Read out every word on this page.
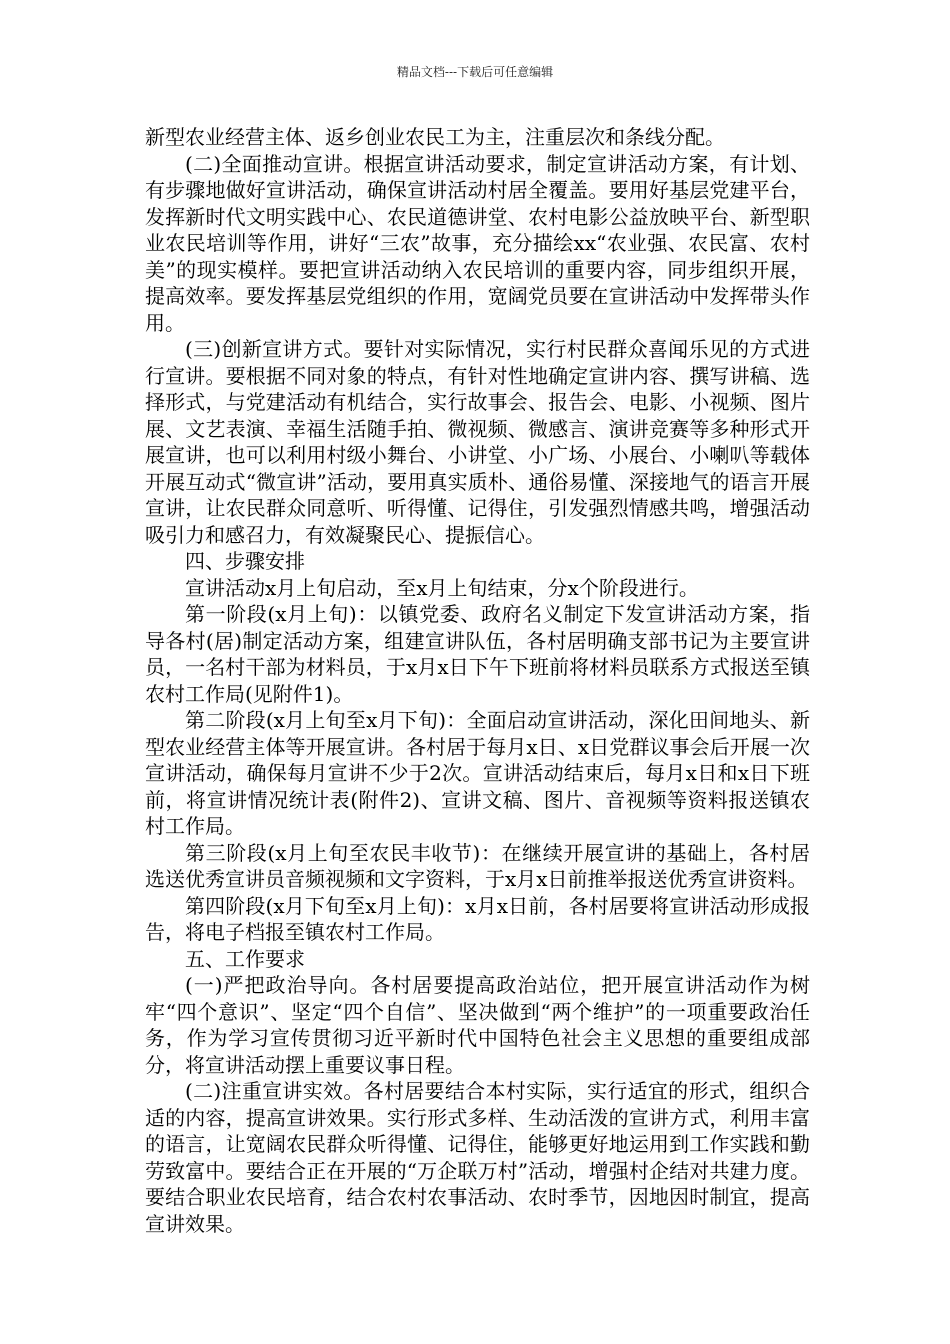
精品文档---下载后可任意编辑

新型农业经营主体、返乡创业农民工为主，注重层次和条线分配。

(二)全面推动宣讲。根据宣讲活动要求，制定宣讲活动方案，有计划、有步骤地做好宣讲活动，确保宣讲活动村居全覆盖。要用好基层党建平台，发挥新时代文明实践中心、农民道德讲堂、农村电影公益放映平台、新型职业农民培训等作用，讲好“三农”故事，充分描绘xx“农业强、农民富、农村美”的现实模样。要把宣讲活动纳入农民培训的重要内容，同步组织开展，提高效率。要发挥基层党组织的作用，宽阔党员要在宣讲活动中发挥带头作用。

(三)创新宣讲方式。要针对实际情况，实行村民群众喜闻乐见的方式进行宣讲。要根据不同对象的特点，有针对性地确定宣讲内容、撰写讲稿、选择形式，与党建活动有机结合，实行故事会、报告会、电影、小视频、图片展、文艺表演、幸福生活随手拍、微视频、微感言、演讲竞赛等多种形式开展宣讲，也可以利用村级小舞台、小讲堂、小广场、小展台、小喇叭等载体开展互动式“微宣讲”活动，要用真实质朴、通俗易懂、深接地气的语言开展宣讲，让农民群众同意听、听得懂、记得住，引发强烈情感共鸣，增强活动吸引力和感召力，有效凝聚民心、提振信心。

四、步骤安排

宣讲活动x月上旬启动，至x月上旬结束，分x个阶段进行。

第一阶段(x月上旬)：以镇党委、政府名义制定下发宣讲活动方案，指导各村(居)制定活动方案，组建宣讲队伍，各村居明确支部书记为主要宣讲员，一名村干部为材料员，于x月x日下午下班前将材料员联系方式报送至镇农村工作局(见附件1)。

第二阶段(x月上旬至x月下旬)：全面启动宣讲活动，深化田间地头、新型农业经营主体等开展宣讲。各村居于每月x日、x日党群议事会后开展一次宣讲活动，确保每月宣讲不少于2次。宣讲活动结束后，每月x日和x日下班前，将宣讲情况统计表(附件2)、宣讲文稿、图片、音视频等资料报送镇农村工作局。

第三阶段(x月上旬至农民丰收节)：在继续开展宣讲的基础上，各村居选送优秀宣讲员音频视频和文字资料，于x月x日前推举报送优秀宣讲资料。

第四阶段(x月下旬至x月上旬)：x月x日前，各村居要将宣讲活动形成报告，将电子档报至镇农村工作局。

五、工作要求

(一)严把政治导向。各村居要提高政治站位，把开展宣讲活动作为树牢“四个意识”、坚定“四个自信”、坚决做到“两个维护”的一项重要政治任务，作为学习宣传贯彻习近平新时代中国特色社会主义思想的重要组成部分，将宣讲活动摆上重要议事日程。

(二)注重宣讲实效。各村居要结合本村实际，实行适宜的形式，组织合适的内容，提高宣讲效果。实行形式多样、生动活泼的宣讲方式，利用丰富的语言，让宽阔农民群众听得懂、记得住，能够更好地运用到工作实践和勤劳致富中。要结合正在开展的“万企联万村”活动，增强村企结对共建力度。要结合职业农民培育，结合农村农事活动、农时季节，因地因时制宜，提高宣讲效果。
